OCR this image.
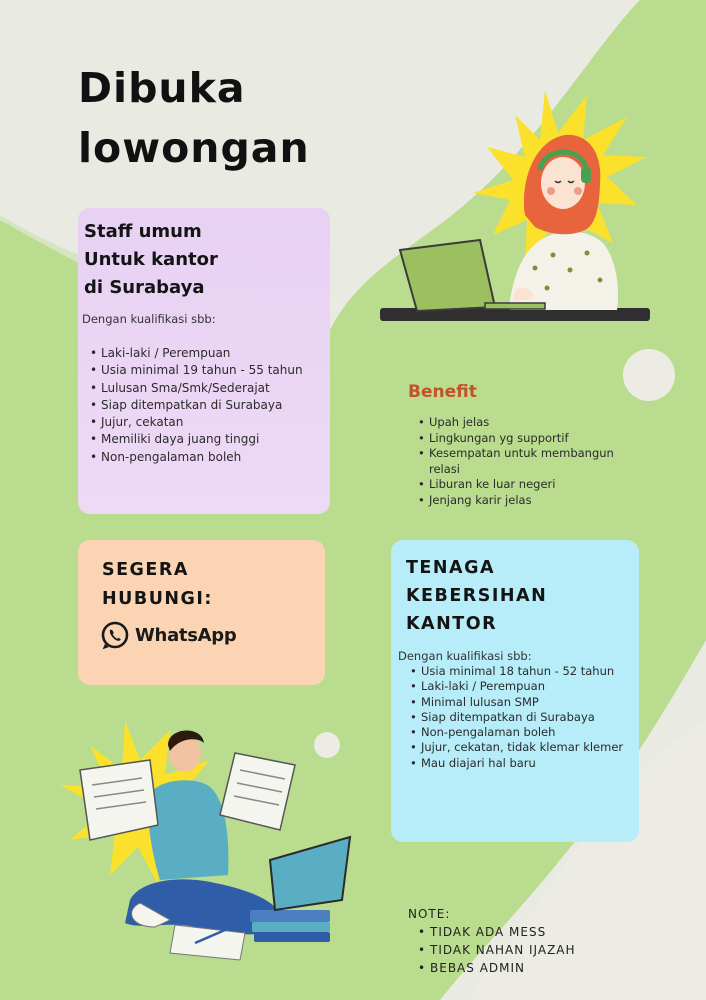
Dibuka
lowongan
Staff umum
Untuk kantor
di Surabaya

Dengan kualifikasi sbb:

• Laki-laki / Perempuan
• Usia minimal 19 tahun - 55 tahun
• Lulusan Sma/Smk/Sederajat
• Siap ditempatkan di Surabaya
• Jujur, cekatan
• Memiliki daya juang tinggi
• Non-pengalaman boleh
Benefit
• Upah jelas
• Lingkungan yg supportif
• Kesempatan untuk membangun relasi
• Liburan ke luar negeri
• Jenjang karir jelas
SEGERA
HUBUNGI:
WhatsApp
TENAGA
KEBERSIHAN
KANTOR

Dengan kualifikasi sbb:

• Usia minimal 18 tahun - 52 tahun
• Laki-laki / Perempuan
• Minimal lulusan SMP
• Siap ditempatkan di Surabaya
• Non-pengalaman boleh
• Jujur, cekatan, tidak klemar klemer
• Mau diajari hal baru
NOTE:
• TIDAK ADA MESS
• TIDAK NAHAN IJAZAH
• BEBAS ADMIN
